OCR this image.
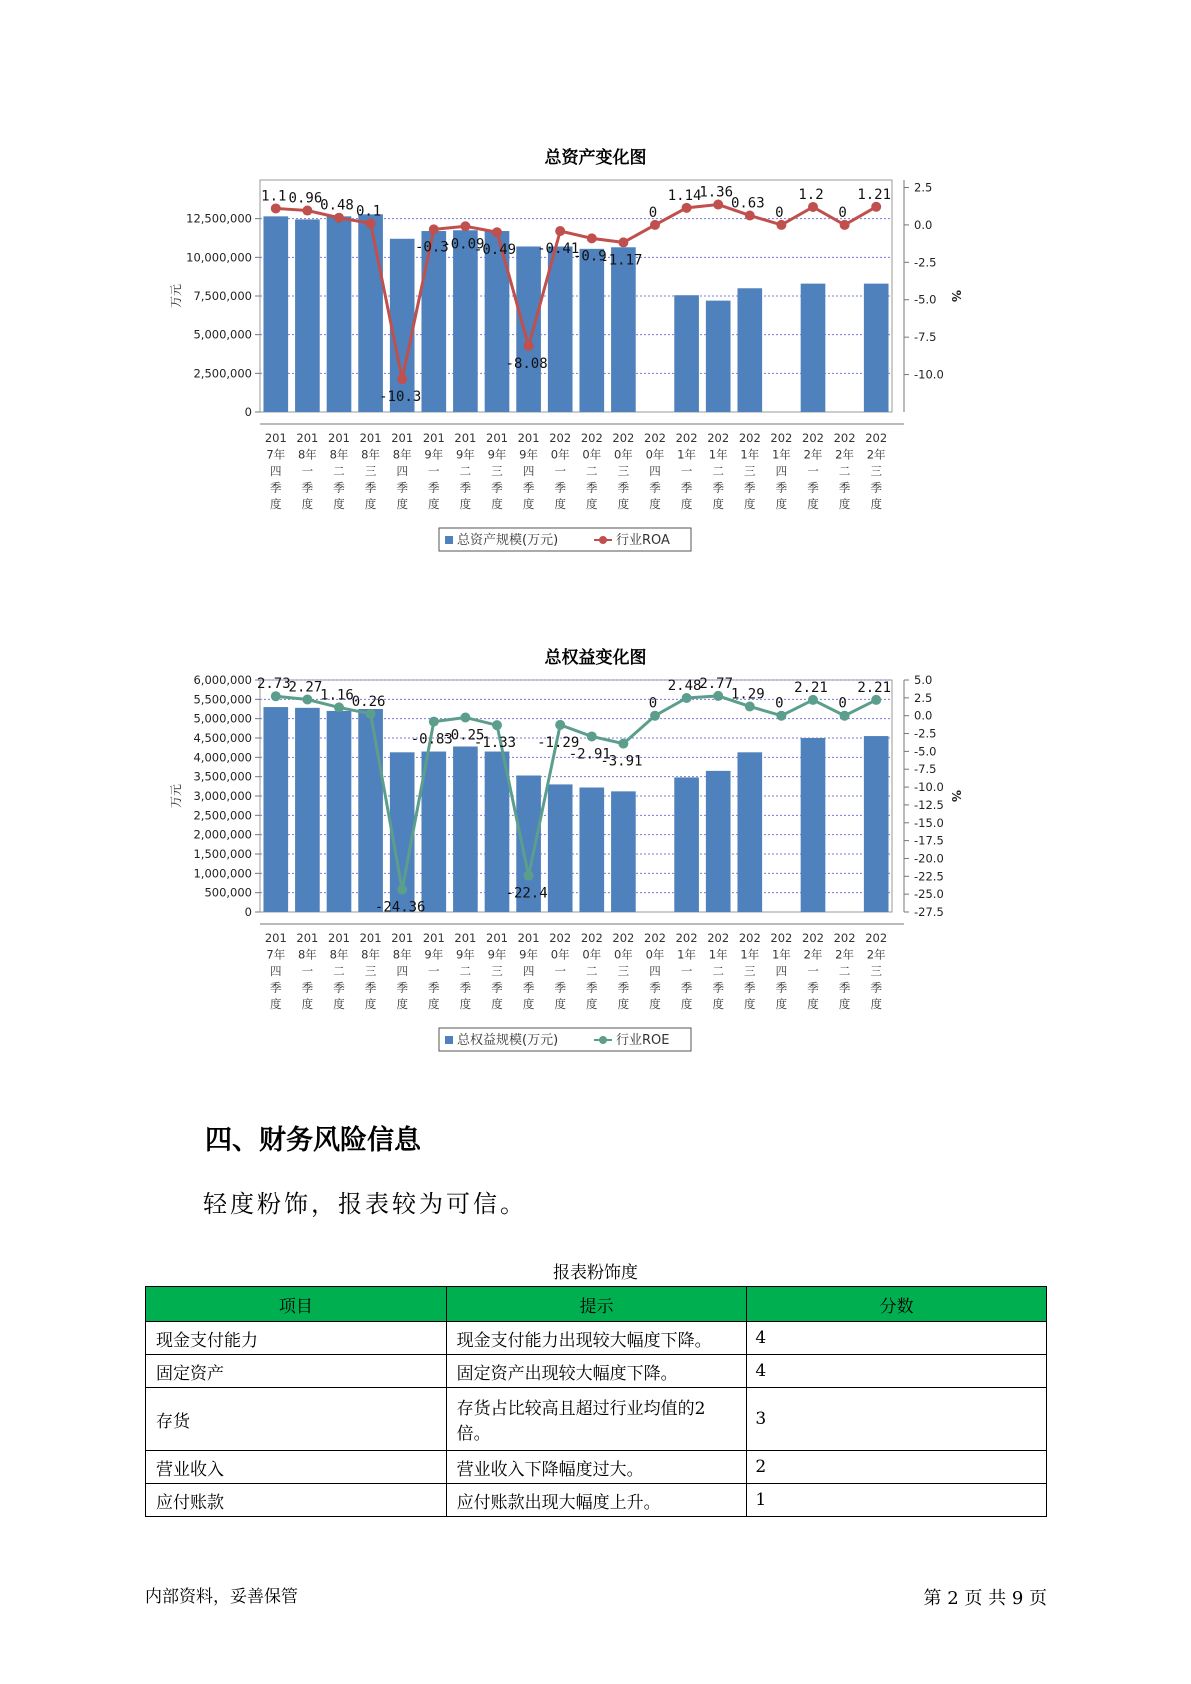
总资产变化图
0
2,500,000
5,000,000
7,500,000
10,000,000
12,500,000
2.5
0.0
-2.5
-5.0
-7.5
-10.0
万元	%
201 7年四季度
201 8年一季度
201 8年二季度
201 8年三季度
201 8年四季度
201 9年一季度
201 9年二季度
201 9年三季度
201 9年四季度
202 0年一季度
202 0年二季度
202 0年三季度
202 0年四季度
202 1年一季度
202 1年二季度
202 1年三季度
202 1年四季度
202 2年一季度
202 2年二季度
202 2年三季度
1.1 0.96
0.48 0.1
-10.3
-0.3
-0.09
-0.49
-8.08
-0.41
-0.9
-1.17
0
1.14
1.36
0.63
0
1.2
0
1.21
总资产规模(万元)	行业ROA
总权益变化图
0
500,000
1,000,000
1,500,000
2,000,000
2,500,000
3,000,000
3,500,000
4,000,000
4,500,000
5,000,000
5,500,000
6,000,000	5.0
2.5
0.0
-2.5
-5.0
-7.5
-10.0
-12.5
-15.0
-17.5
-20.0
-22.5
-25.0
-27.5
万元	%
201 7年四季度
201 8年一季度
201 8年二季度
201 8年三季度
201 8年四季度
201 9年一季度
201 9年二季度
201 9年三季度
201 9年四季度
202 0年一季度
202 0年二季度
202 0年三季度
202 0年四季度
202 1年一季度
202 1年二季度
202 1年三季度
202 1年四季度
202 2年一季度
202 2年二季度
202 2年三季度
2.73
2.27
1.16
0.26
-24.36
-0.83
-0.25
-1.33
-22.4
-1.29
-2.91
-3.91
0
2.48
2.77
1.29
0
2.21
0
2.21
总权益规模(万元)	行业ROE
四、财务风险信息

轻度粉饰，报表较为可信。

报表粉饰度
项目	提示	分数
现金支付能力	现金支付能力出现较大幅度下降。	4
固定资产	固定资产出现较大幅度下降。	4
存货	存货占比较高且超过行业均值的2倍。	3
营业收入	营业收入下降幅度过大。	2
应付账款	应付账款出现大幅度上升。	1
内部资料，妥善保管	第 2 页 共 9 页
